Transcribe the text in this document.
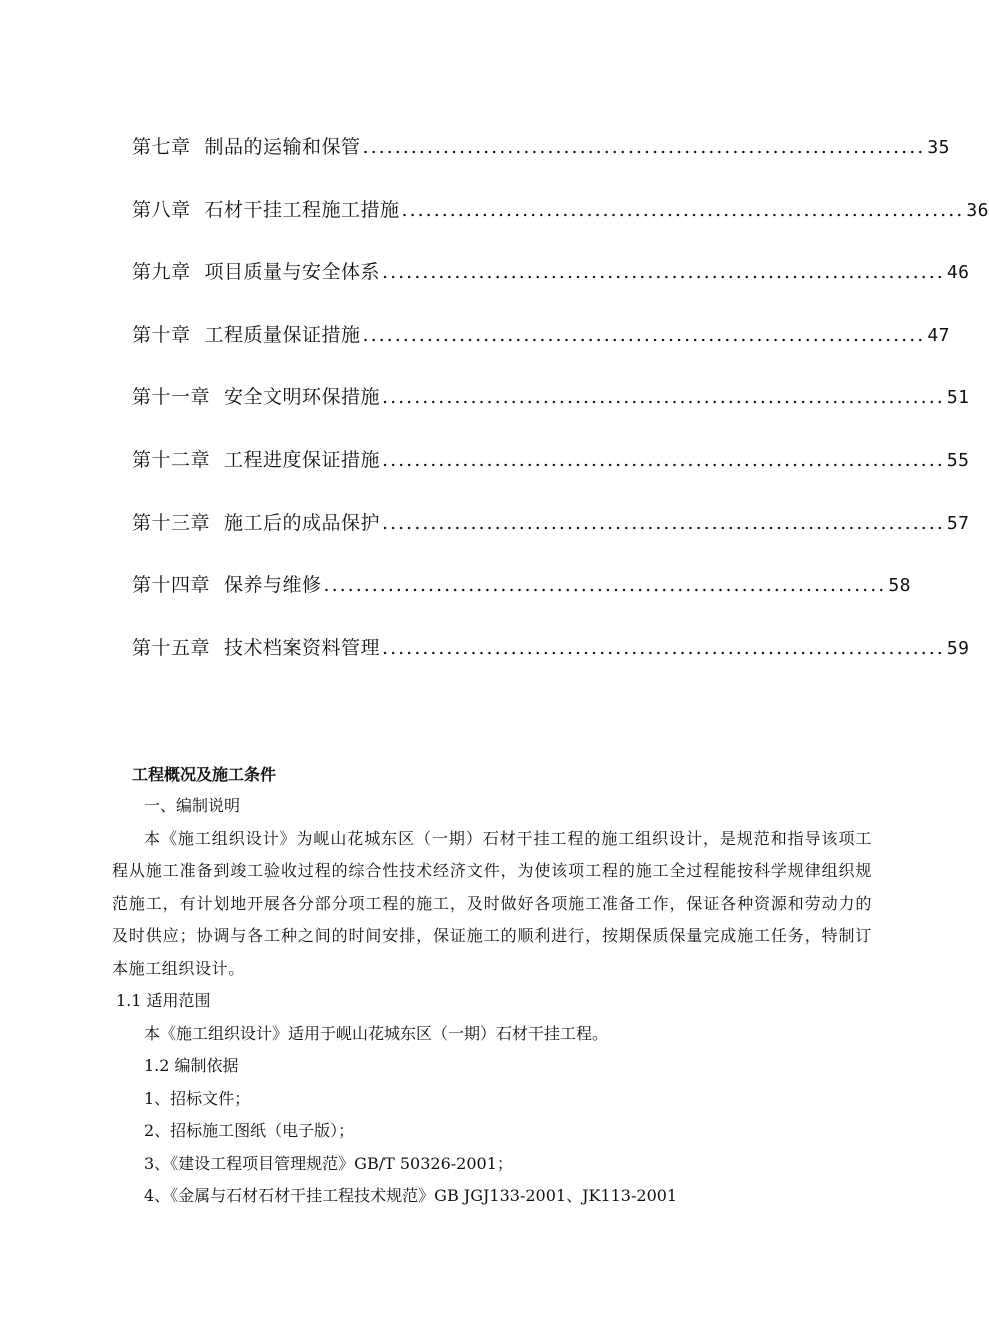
第七章 制品的运输和保管 ...................................................................... 35
第八章 石材干挂工程施工措施 ...................................................................... 36
第九章 项目质量与安全体系 ...................................................................... 46
第十章 工程质量保证措施 ...................................................................... 47
第十一章 安全文明环保措施 ...................................................................... 51
第十二章 工程进度保证措施 ...................................................................... 55
第十三章 施工后的成品保护 ...................................................................... 57
第十四章 保养与维修 ...................................................................... 58
第十五章 技术档案资料管理 ...................................................................... 59
工程概况及施工条件
一、编制说明
本《施工组织设计》为岘山花城东区（一期）石材干挂工程的施工组织设计，是规范和指导该项工程从施工准备到竣工验收过程的综合性技术经济文件，为使该项工程的施工全过程能按科学规律组织规范施工，有计划地开展各分部分项工程的施工，及时做好各项施工准备工作，保证各种资源和劳动力的及时供应；协调与各工种之间的时间安排，保证施工的顺利进行，按期保质保量完成施工任务，特制订本施工组织设计。
1.1 适用范围
本《施工组织设计》适用于岘山花城东区（一期）石材干挂工程。
1.2 编制依据
1、招标文件；
2、招标施工图纸（电子版）；
3、《建设工程项目管理规范》GB/T 50326-2001；
4、《金属与石材石材干挂工程技术规范》GB JGJ133-2001、JK113-2001
